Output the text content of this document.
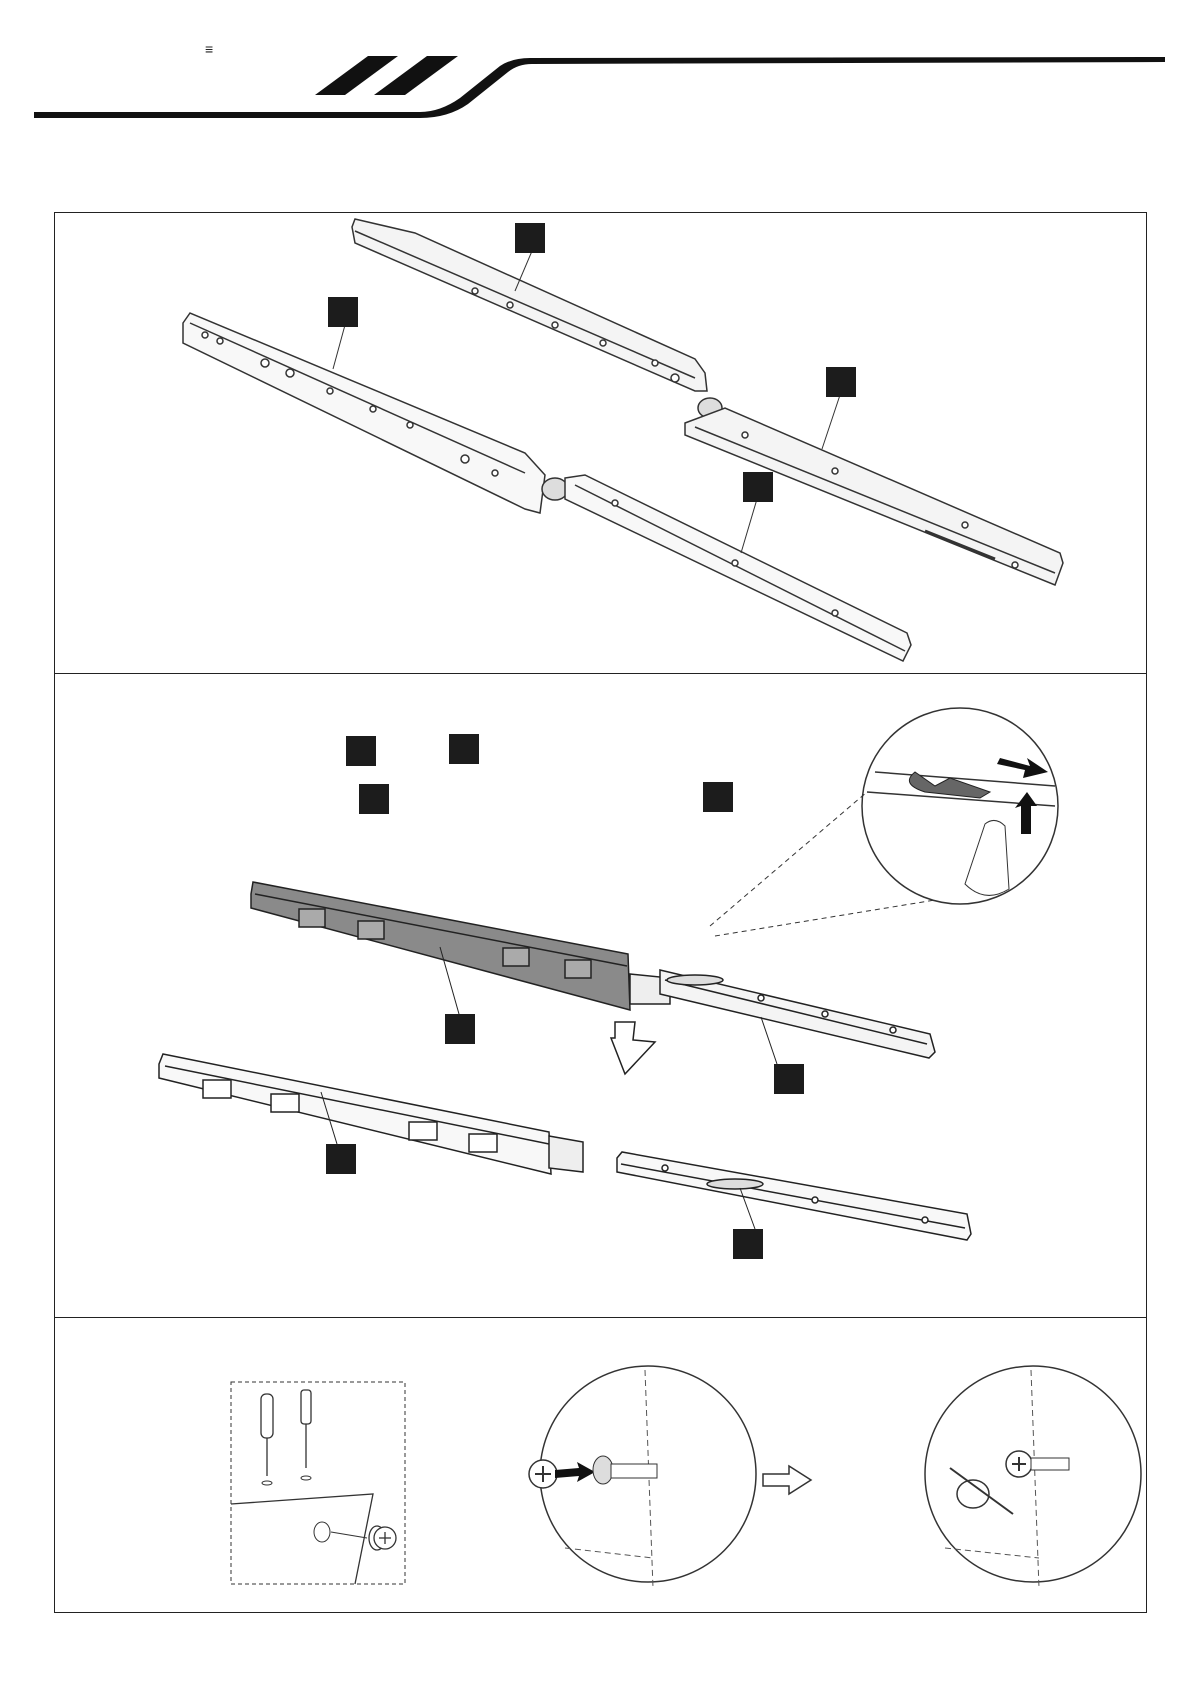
≡
